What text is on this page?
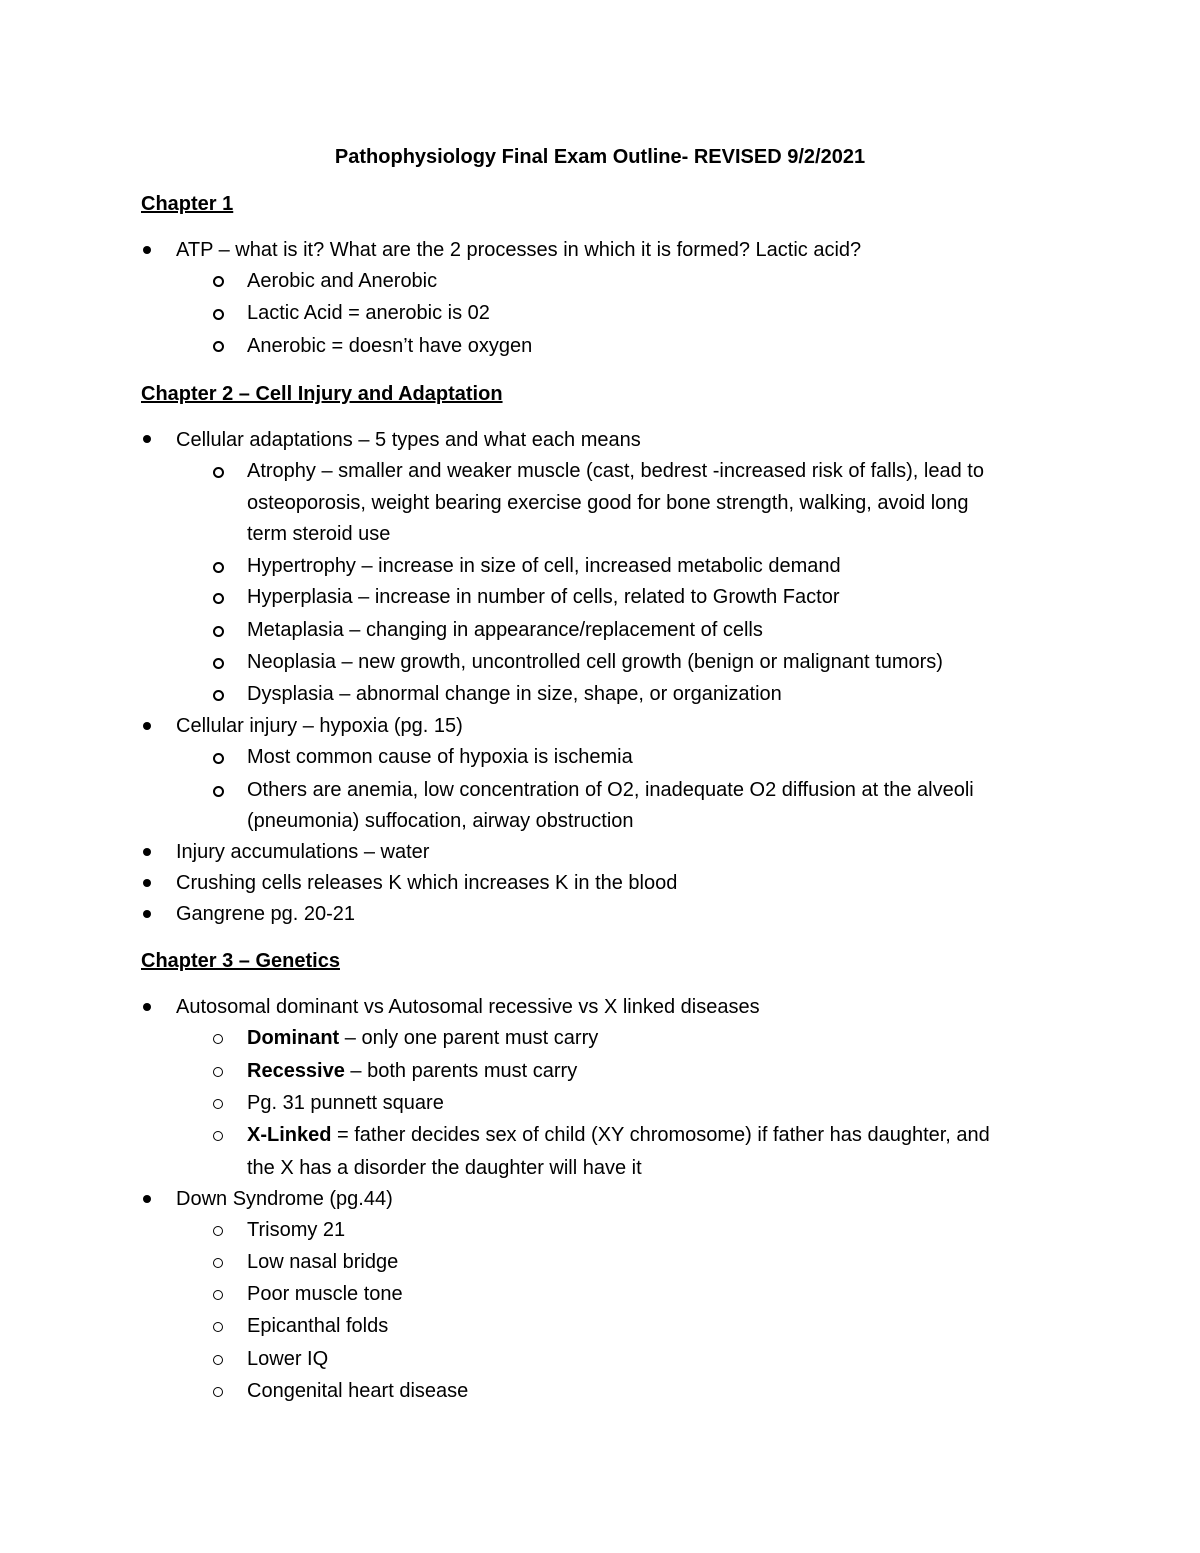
Pathophysiology Final Exam Outline- REVISED 9/2/2021
Chapter 1
ATP – what is it? What are the 2 processes in which it is formed? Lactic acid?
Aerobic and Anerobic
Lactic Acid = anerobic is 02
Anerobic = doesn’t have oxygen
Chapter 2 – Cell Injury and Adaptation
Cellular adaptations – 5 types and what each means
Atrophy – smaller and weaker muscle (cast, bedrest -increased risk of falls), lead to
osteoporosis, weight bearing exercise good for bone strength, walking, avoid long
term steroid use
Hypertrophy – increase in size of cell, increased metabolic demand
Hyperplasia – increase in number of cells, related to Growth Factor
Metaplasia – changing in appearance/replacement of cells
Neoplasia – new growth, uncontrolled cell growth (benign or malignant tumors)
Dysplasia – abnormal change in size, shape, or organization
Cellular injury – hypoxia (pg. 15)
Most common cause of hypoxia is ischemia
Others are anemia, low concentration of O2, inadequate O2 diffusion at the alveoli
(pneumonia) suffocation, airway obstruction
Injury accumulations – water
Crushing cells releases K which increases K in the blood
Gangrene pg. 20-21
Chapter 3 – Genetics
Autosomal dominant vs Autosomal recessive vs X linked diseases
Dominant – only one parent must carry
Recessive – both parents must carry
Pg. 31 punnett square
X-Linked = father decides sex of child (XY chromosome) if father has daughter, and
the X has a disorder the daughter will have it
Down Syndrome (pg.44)
Trisomy 21
Low nasal bridge
Poor muscle tone
Epicanthal folds
Lower IQ
Congenital heart disease
